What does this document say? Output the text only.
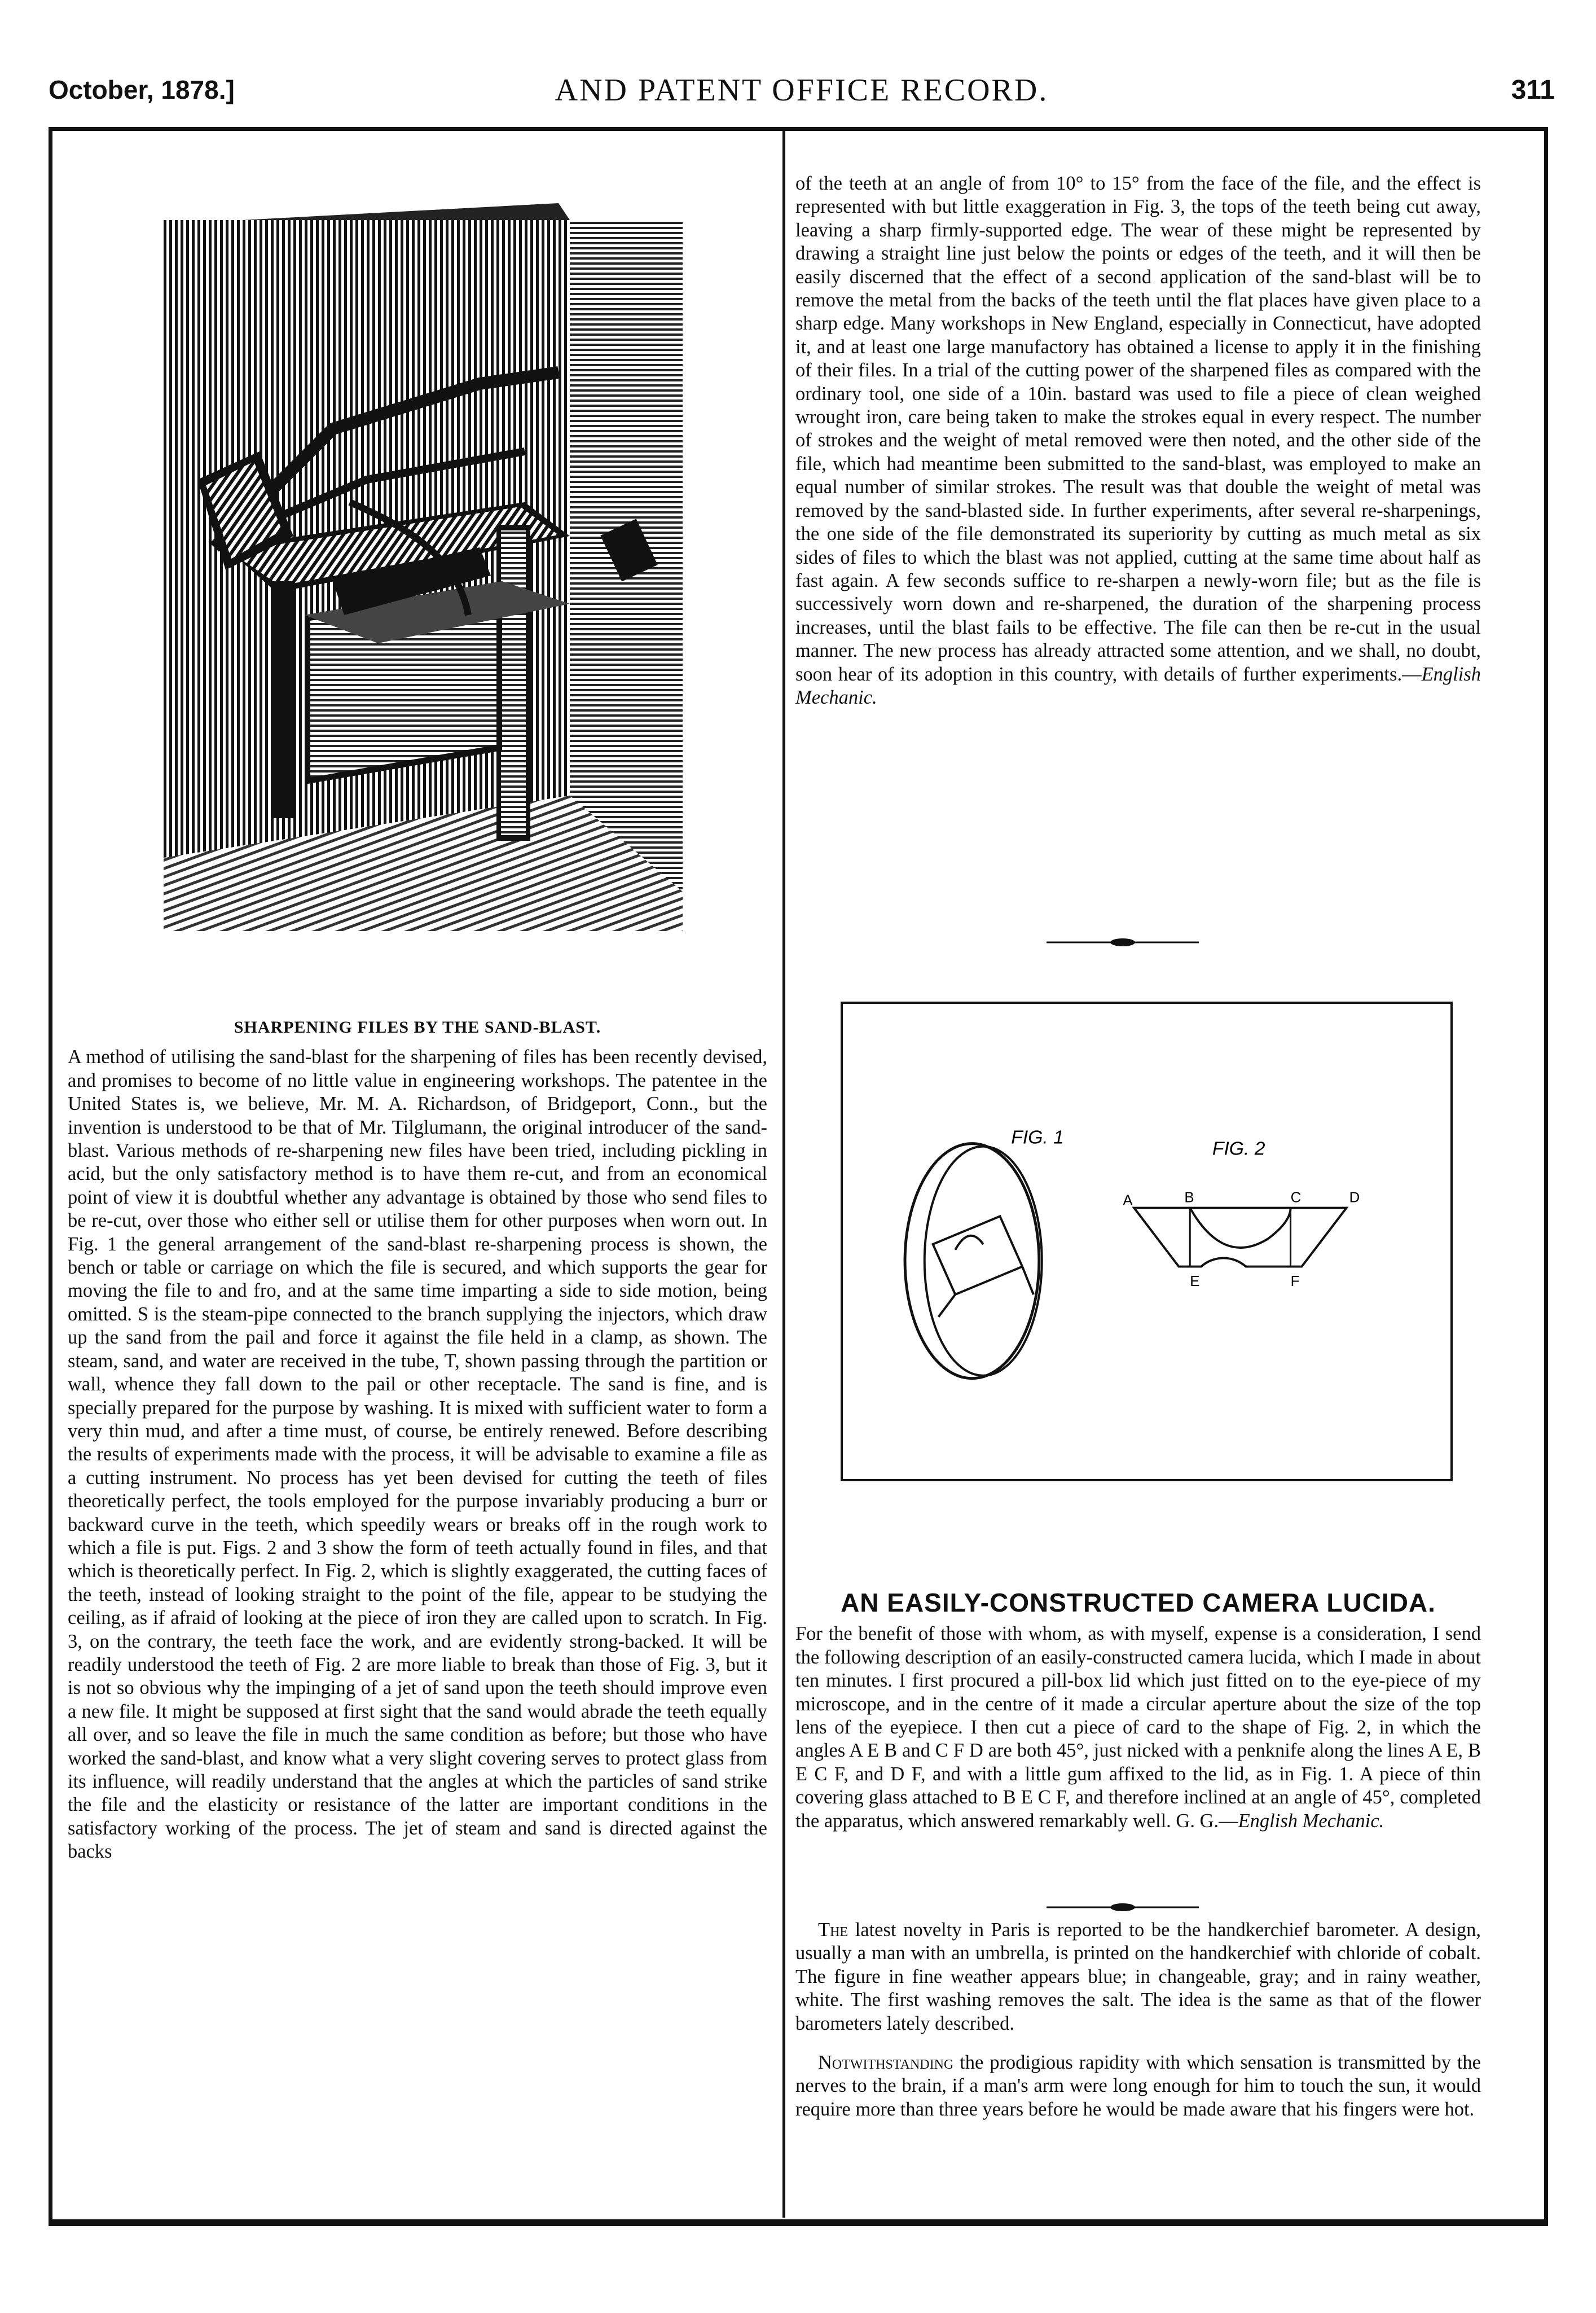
October, 1878.]	AND PATENT OFFICE RECORD.	311
SHARPENING FILES BY THE SAND-BLAST.

A method of utilising the sand-blast for the sharpening of files has been recently devised, and promises to become of no little value in engineering workshops. The patentee in the United States is, we believe, Mr. M. A. Richardson, of Bridgeport, Conn., but the invention is understood to be that of Mr. Tilglumann, the original introducer of the sand-blast. Various methods of re-sharpening new files have been tried, including pickling in acid, but the only satisfactory method is to have them re-cut, and from an economical point of view it is doubtful whether any advantage is obtained by those who send files to be re-cut, over those who either sell or utilise them for other purposes when worn out. In Fig. 1 the general arrangement of the sand-blast re-sharpening process is shown, the bench or table or carriage on which the file is secured, and which supports the gear for moving the file to and fro, and at the same time imparting a side to side motion, being omitted. S is the steam-pipe connected to the branch supplying the injectors, which draw up the sand from the pail and force it against the file held in a clamp, as shown. The steam, sand, and water are received in the tube, T, shown passing through the partition or wall, whence they fall down to the pail or other receptacle. The sand is fine, and is specially prepared for the purpose by washing. It is mixed with sufficient water to form a very thin mud, and after a time must, of course, be entirely renewed. Before describing the results of experiments made with the process, it will be advisable to examine a file as a cutting instrument. No process has yet been devised for cutting the teeth of files theoretically perfect, the tools employed for the purpose invariably producing a burr or backward curve in the teeth, which speedily wears or breaks off in the rough work to which a file is put. Figs. 2 and 3 show the form of teeth actually found in files, and that which is theoretically perfect. In Fig. 2, which is slightly exaggerated, the cutting faces of the teeth, instead of looking straight to the point of the file, appear to be studying the ceiling, as if afraid of looking at the piece of iron they are called upon to scratch. In Fig. 3, on the contrary, the teeth face the work, and are evidently strong-backed. It will be readily understood the teeth of Fig. 2 are more liable to break than those of Fig. 3, but it is not so obvious why the impinging of a jet of sand upon the teeth should improve even a new file. It might be supposed at first sight that the sand would abrade the teeth equally all over, and so leave the file in much the same condition as before; but those who have worked the sand-blast, and know what a very slight covering serves to protect glass from its influence, will readily understand that the angles at which the particles of sand strike the file and the elasticity or resistance of the latter are important conditions in the satisfactory working of the process. The jet of steam and sand is directed against the backs

of the teeth at an angle of from 10° to 15° from the face of the file, and the effect is represented with but little exaggeration in Fig. 3, the tops of the teeth being cut away, leaving a sharp firmly-supported edge. The wear of these might be represented by drawing a straight line just below the points or edges of the teeth, and it will then be easily discerned that the effect of a second application of the sand-blast will be to remove the metal from the backs of the teeth until the flat places have given place to a sharp edge. Many workshops in New England, especially in Connecticut, have adopted it, and at least one large manufactory has obtained a license to apply it in the finishing of their files. In a trial of the cutting power of the sharpened files as compared with the ordinary tool, one side of a 10in. bastard was used to file a piece of clean weighed wrought iron, care being taken to make the strokes equal in every respect. The number of strokes and the weight of metal removed were then noted, and the other side of the file, which had meantime been submitted to the sand-blast, was employed to make an equal number of similar strokes. The result was that double the weight of metal was removed by the sand-blasted side. In further experiments, after several re-sharpenings, the one side of the file demonstrated its superiority by cutting as much metal as six sides of files to which the blast was not applied, cutting at the same time about half as fast again. A few seconds suffice to re-sharpen a newly-worn file; but as the file is successively worn down and re-sharpened, the duration of the sharpening process increases, until the blast fails to be effective. The file can then be re-cut in the usual manner. The new process has already attracted some attention, and we shall, no doubt, soon hear of its adoption in this country, with details of further experiments.—English Mechanic.

FIG. 1
FIG. 2
A	B	C	D
E	F
AN EASILY-CONSTRUCTED CAMERA LUCIDA.

For the benefit of those with whom, as with myself, expense is a consideration, I send the following description of an easily-constructed camera lucida, which I made in about ten minutes. I first procured a pill-box lid which just fitted on to the eye-piece of my microscope, and in the centre of it made a circular aperture about the size of the top lens of the eyepiece. I then cut a piece of card to the shape of Fig. 2, in which the angles A E B and C F D are both 45°, just nicked with a penknife along the lines A E, B E C F, and D F, and with a little gum affixed to the lid, as in Fig. 1. A piece of thin covering glass attached to B E C F, and therefore inclined at an angle of 45°, completed the apparatus, which answered remarkably well. G. G.—English Mechanic.

The latest novelty in Paris is reported to be the handkerchief barometer. A design, usually a man with an umbrella, is printed on the handkerchief with chloride of cobalt. The figure in fine weather appears blue; in changeable, gray; and in rainy weather, white. The first washing removes the salt. The idea is the same as that of the flower barometers lately described.

Notwithstanding the prodigious rapidity with which sensation is transmitted by the nerves to the brain, if a man's arm were long enough for him to touch the sun, it would require more than three years before he would be made aware that his fingers were hot.
